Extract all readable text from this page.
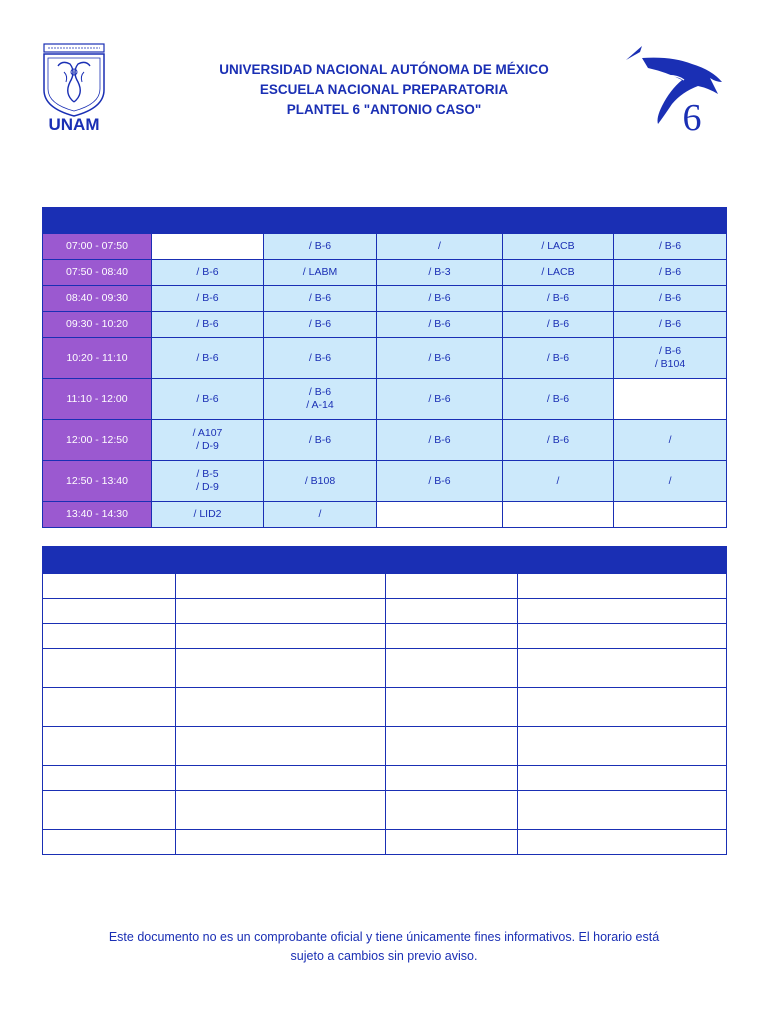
UNAM
UNIVERSIDAD NACIONAL AUTÓNOMA DE MÉXICO
ESCUELA NACIONAL PREPARATORIA
PLANTEL 6 "ANTONIO CASO"	6

07:00 - 07:50		/ B-6	/	/ LACB	/ B-6

07:50 - 08:40	/ B-6	/ LABM	/ B-3	/ LACB	/ B-6

08:40 - 09:30	/ B-6	/ B-6	/ B-6	/ B-6	/ B-6

09:30 - 10:20	/ B-6	/ B-6	/ B-6	/ B-6	/ B-6

10:20 - 11:10	/ B-6	/ B-6	/ B-6	/ B-6	/ B-6
/ B104

11:10 - 12:00	/ B-6	/ B-6
/ A-14	/ B-6	/ B-6	

12:00 - 12:50	/ A107
/ D-9	/ B-6	/ B-6	/ B-6	/

12:50 - 13:40	/ B-5
/ D-9	/ B108	/ B-6	/	/

13:40 - 14:30	/ LID2	/			

Este documento no es un comprobante oficial y tiene únicamente fines informativos. El horario está
sujeto a cambios sin previo aviso.
